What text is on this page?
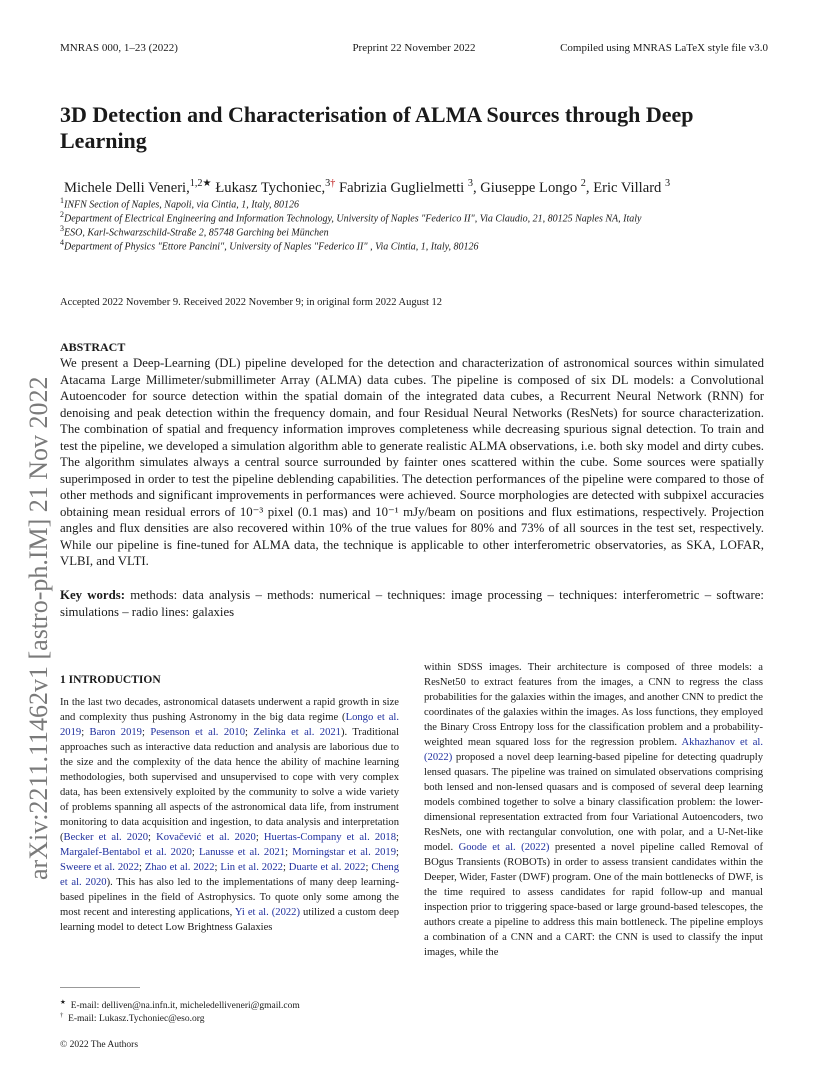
MNRAS 000, 1–23 (2022)	Preprint 22 November 2022	Compiled using MNRAS LaTeX style file v3.0
arXiv:2211.11462v1 [astro-ph.IM] 21 Nov 2022
3D Detection and Characterisation of ALMA Sources through Deep Learning
Michele Delli Veneri,$^{1,2★}$ Łukasz Tychoniec,$^{3\dagger}$ Fabrizia Guglielmetti $^3$, Giuseppe Longo $^2$, Eric Villard $^3$
$^1$INFN Section of Naples, Napoli, via Cintia, 1, Italy, 80126
$^2$Department of Electrical Engineering and Information Technology, University of Naples "Federico II", Via Claudio, 21, 80125 Naples NA, Italy
$^3$ESO, Karl-Schwarzschild-Straße 2, 85748 Garching bei München
$^4$Department of Physics "Ettore Pancini", University of Naples "Federico II" , Via Cintia, 1, Italy, 80126
Accepted 2022 November 9. Received 2022 November 9; in original form 2022 August 12
ABSTRACT

We present a Deep-Learning (DL) pipeline developed for the detection and characterization of astronomical sources within simulated Atacama Large Millimeter/submillimeter Array (ALMA) data cubes. The pipeline is composed of six DL models: a Convolutional Autoencoder for source detection within the spatial domain of the integrated data cubes, a Recurrent Neural Network (RNN) for denoising and peak detection within the frequency domain, and four Residual Neural Networks (ResNets) for source characterization. The combination of spatial and frequency information improves completeness while decreasing spurious signal detection. To train and test the pipeline, we developed a simulation algorithm able to generate realistic ALMA observations, i.e. both sky model and dirty cubes. The algorithm simulates always a central source surrounded by fainter ones scattered within the cube. Some sources were spatially superimposed in order to test the pipeline deblending capabilities. The detection performances of the pipeline were compared to those of other methods and significant improvements in performances were achieved. Source morphologies are detected with subpixel accuracies obtaining mean residual errors of 10⁻³ pixel (0.1 mas) and 10⁻¹ mJy/beam on positions and flux estimations, respectively. Projection angles and flux densities are also recovered within 10% of the true values for 80% and 73% of all sources in the test set, respectively. While our pipeline is fine-tuned for ALMA data, the technique is applicable to other interferometric observatories, as SKA, LOFAR, VLBI, and VLTI.

Key words: methods: data analysis – methods: numerical – techniques: image processing – techniques: interferometric – software: simulations – radio lines: galaxies
1 INTRODUCTION

In the last two decades, astronomical datasets underwent a rapid growth in size and complexity thus pushing Astronomy in the big data regime (Longo et al. 2019; Baron 2019; Pesenson et al. 2010; Zelinka et al. 2021). Traditional approaches such as interactive data reduction and analysis are laborious due to the size and the complexity of the data hence the ability of machine learning methodologies, both supervised and unsupervised to cope with very complex data, has been extensively exploited by the community to solve a wide variety of problems spanning all aspects of the astronomical data life, from instrument monitoring to data acquisition and ingestion, to data analysis and interpretation (Becker et al. 2020; Kovačević et al. 2020; Huertas-Company et al. 2018; Margalef-Bentabol et al. 2020; Lanusse et al. 2021; Morningstar et al. 2019; Sweere et al. 2022; Zhao et al. 2022; Lin et al. 2022; Duarte et al. 2022; Cheng et al. 2020). This has also led to the implementations of many deep learning-based pipelines in the field of Astrophysics. To quote only some among the most recent and interesting applications, Yi et al. (2022) utilized a custom deep learning model to detect Low Brightness Galaxies

within SDSS images. Their architecture is composed of three models: a ResNet50 to extract features from the images, a CNN to regress the class probabilities for the galaxies within the images, and another CNN to predict the coordinates of the galaxies within the images. As loss functions, they employed the Binary Cross Entropy loss for the classification problem and a probability-weighted mean squared loss for the regression problem. Akhazhanov et al. (2022) proposed a novel deep learning-based pipeline for detecting quadruply lensed quasars. The pipeline was trained on simulated observations comprising both lensed and non-lensed quasars and is composed of several deep learning models combined together to solve a binary classification problem: the lower-dimensional representation extracted from four Variational Autoencoders, two ResNets, one with rectangular convolution, one with polar, and a U-Net-like model. Goode et al. (2022) presented a novel pipeline called Removal of BOgus Transients (ROBOTs) in order to assess transient candidates within the Deeper, Wider, Faster (DWF) program. One of the main bottlenecks of DWF, is the time required to assess candidates for rapid follow-up and manual inspection prior to triggering space-based or large ground-based telescopes, the authors create a pipeline to address this main bottleneck. The pipeline employs a combination of a CNN and a CART: the CNN is used to classify the input images, while the

★ E-mail: delliven@na.infn.it, micheledelliveneri@gmail.com
† E-mail: Lukasz.Tychoniec@eso.org
© 2022 The Authors
